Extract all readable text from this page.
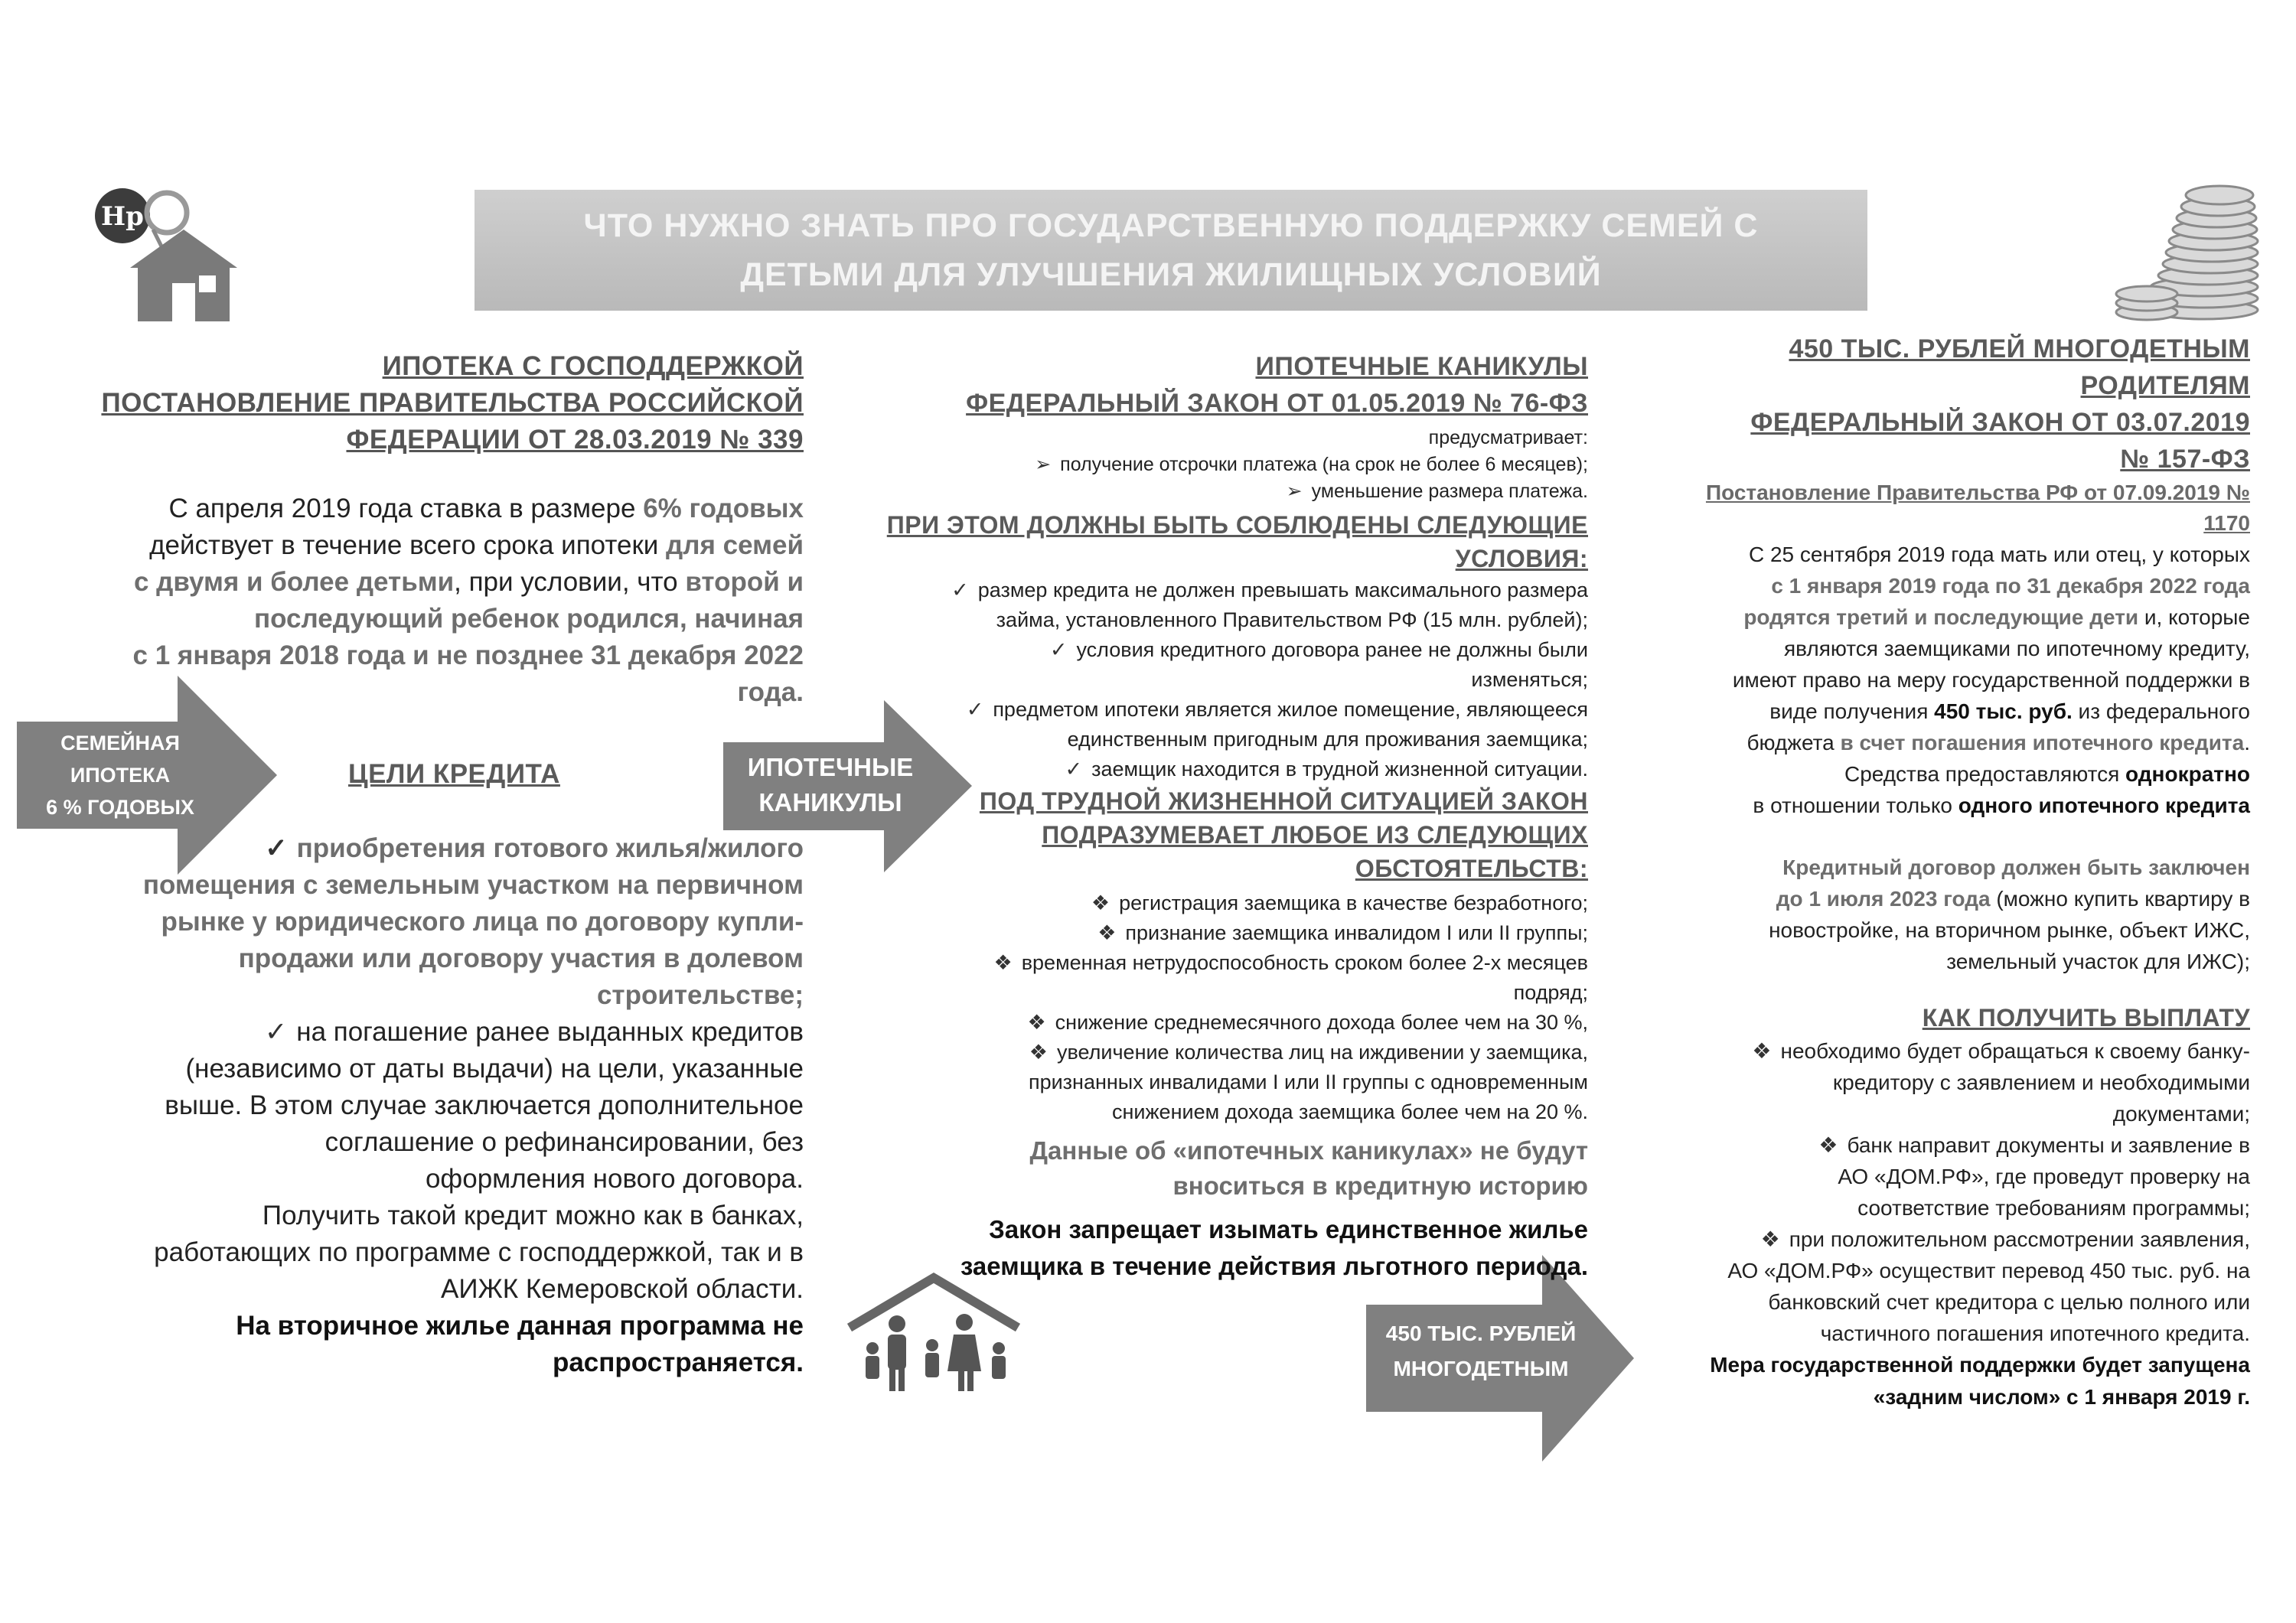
ЧТО НУЖНО ЗНАТЬ ПРО ГОСУДАРСТВЕННУЮ ПОДДЕРЖКУ СЕМЕЙ С
ДЕТЬМИ ДЛЯ УЛУЧШЕНИЯ ЖИЛИЩНЫХ УСЛОВИЙ
Hp
СЕМЕЙНАЯ
ИПОТЕКА
6 % ГОДОВЫХ
ИПОТЕЧНЫЕ
КАНИКУЛЫ
450 ТЫС. РУБЛЕЙ
МНОГОДЕТНЫМ
ИПОТЕКА С ГОСПОДДЕРЖКОЙ
ПОСТАНОВЛЕНИЕ ПРАВИТЕЛЬСТВА РОССИЙСКОЙ
ФЕДЕРАЦИИ ОТ 28.03.2019 № 339
С апреля 2019 года ставка в размере 6% годовых
действует в течение всего срока ипотеки для семей
с двумя и более детьми, при условии, что второй и
последующий ребенок родился, начиная
с 1 января 2018 года и не позднее 31 декабря 2022
года.
ЦЕЛИ КРЕДИТА
✓ приобретения готового жилья/жилого
помещения с земельным участком на первичном
рынке у юридического лица по договору купли-
продажи или договору участия в долевом
строительстве;
✓ на погашение ранее выданных кредитов
(независимо от даты выдачи) на цели, указанные
выше. В этом случае заключается дополнительное
соглашение о рефинансировании, без
оформления нового договора.
Получить такой кредит можно как в банках,
работающих по программе с господдержкой, так и в
АИЖК Кемеровской области.
На вторичное жилье данная программа не
распространяется.
ИПОТЕЧНЫЕ КАНИКУЛЫ
ФЕДЕРАЛЬНЫЙ ЗАКОН ОТ 01.05.2019 № 76-ФЗ
предусматривает:
➢ получение отсрочки платежа (на срок не более 6 месяцев);
➢ уменьшение размера платежа.
ПРИ ЭТОМ ДОЛЖНЫ БЫТЬ СОБЛЮДЕНЫ СЛЕДУЮЩИЕ
УСЛОВИЯ:
✓ размер кредита не должен превышать максимального размера
займа, установленного Правительством РФ (15 млн. рублей);
✓ условия кредитного договора ранее не должны были
изменяться;
✓ предметом ипотеки является жилое помещение, являющееся
единственным пригодным для проживания заемщика;
✓ заемщик находится в трудной жизненной ситуации.
ПОД ТРУДНОЙ ЖИЗНЕННОЙ СИТУАЦИЕЙ ЗАКОН
ПОДРАЗУМЕВАЕТ ЛЮБОЕ ИЗ СЛЕДУЮЩИХ
ОБСТОЯТЕЛЬСТВ:
❖ регистрация заемщика в качестве безработного;
❖ признание заемщика инвалидом I или II группы;
❖ временная нетрудоспособность сроком более 2-х месяцев
подряд;
❖ снижение среднемесячного дохода более чем на 30 %,
❖ увеличение количества лиц на иждивении у заемщика,
признанных инвалидами I или II группы с одновременным
снижением дохода заемщика более чем на 20 %.
Данные об «ипотечных каникулах» не будут
вноситься в кредитную историю
Закон запрещает изымать единственное жилье
заемщика в течение действия льготного периода.
450 ТЫС. РУБЛЕЙ МНОГОДЕТНЫМ
РОДИТЕЛЯМ
ФЕДЕРАЛЬНЫЙ ЗАКОН ОТ 03.07.2019
№ 157-ФЗ
Постановление Правительства РФ от 07.09.2019 №
1170
С 25 сентября 2019 года мать или отец, у которых
с 1 января 2019 года по 31 декабря 2022 года
родятся третий и последующие дети и, которые
являются заемщиками по ипотечному кредиту,
имеют право на меру государственной поддержки в
виде получения 450 тыс. руб. из федерального
бюджета в счет погашения ипотечного кредита.
Средства предоставляются однократно
в отношении только одного ипотечного кредита
Кредитный договор должен быть заключен
до 1 июля 2023 года (можно купить квартиру в
новостройке, на вторичном рынке, объект ИЖС,
земельный участок для ИЖС);
КАК ПОЛУЧИТЬ ВЫПЛАТУ
❖ необходимо будет обращаться к своему банку-
кредитору с заявлением и необходимыми
документами;
❖ банк направит документы и заявление в
АО «ДОМ.РФ», где проведут проверку на
соответствие требованиям программы;
❖ при положительном рассмотрении заявления,
АО «ДОМ.РФ» осуществит перевод 450 тыс. руб. на
банковский счет кредитора с целью полного или
частичного погашения ипотечного кредита.
Мера государственной поддержки будет запущена
«задним числом» с 1 января 2019 г.
